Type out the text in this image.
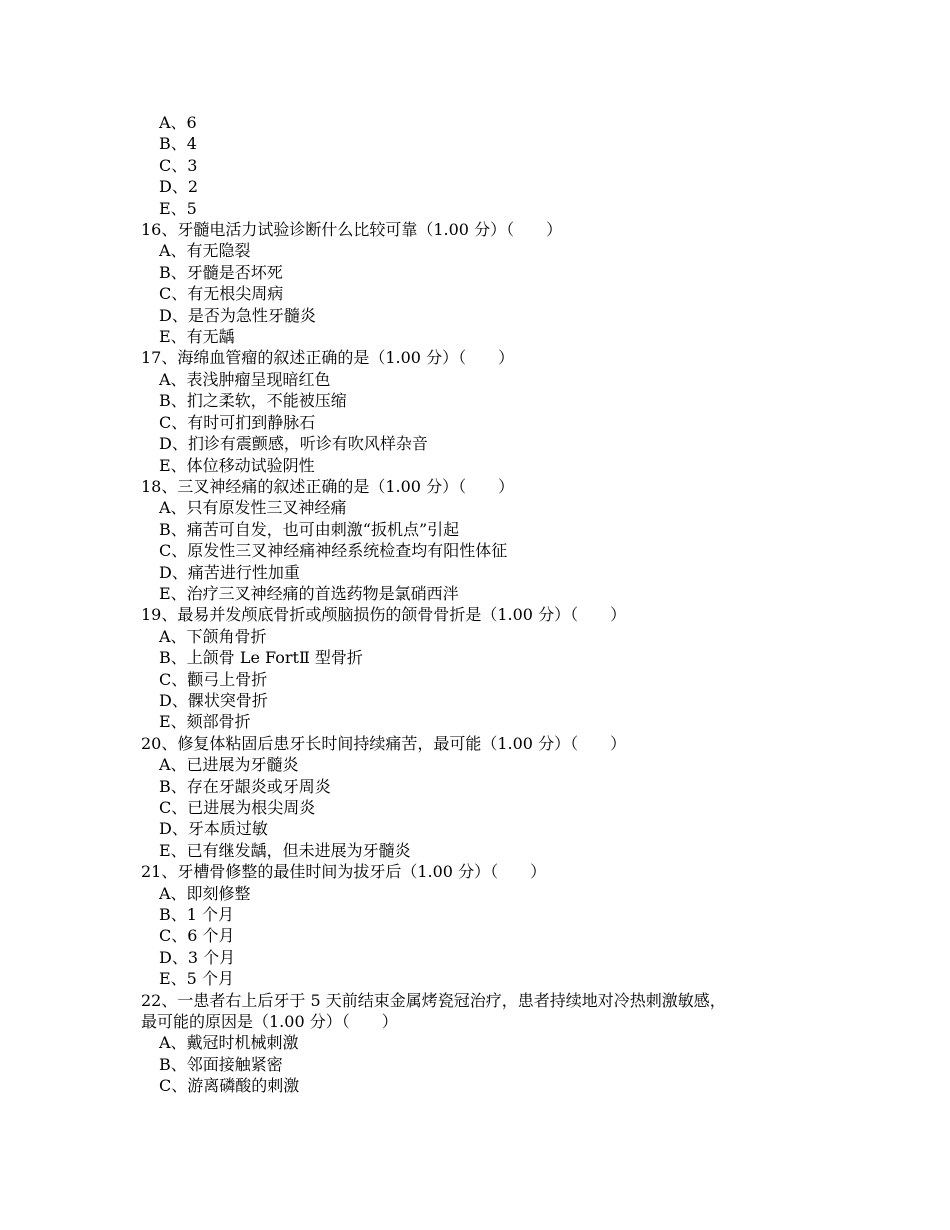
A、6
B、4
C、3
D、2
E、5
16、牙髓电活力试验诊断什么比较可靠（1.00 分）（　　）
A、有无隐裂
B、牙髓是否坏死
C、有无根尖周病
D、是否为急性牙髓炎
E、有无龋
17、海绵血管瘤的叙述正确的是（1.00 分）（　　）
A、表浅肿瘤呈现暗红色
B、扪之柔软，不能被压缩
C、有时可扪到静脉石
D、扪诊有震颤感，听诊有吹风样杂音
E、体位移动试验阴性
18、三叉神经痛的叙述正确的是（1.00 分）（　　）
A、只有原发性三叉神经痛
B、痛苦可自发，也可由刺激“扳机点”引起
C、原发性三叉神经痛神经系统检查均有阳性体征
D、痛苦进行性加重
E、治疗三叉神经痛的首选药物是氯硝西泮
19、最易并发颅底骨折或颅脑损伤的颌骨骨折是（1.00 分）（　　）
A、下颌角骨折
B、上颌骨 Le FortⅡ 型骨折
C、颧弓上骨折
D、髁状突骨折
E、颏部骨折
20、修复体粘固后患牙长时间持续痛苦，最可能（1.00 分）（　　）
A、已进展为牙髓炎
B、存在牙龈炎或牙周炎
C、已进展为根尖周炎
D、牙本质过敏
E、已有继发龋，但未进展为牙髓炎
21、牙槽骨修整的最佳时间为拔牙后（1.00 分）（　　）
A、即刻修整
B、1 个月
C、6 个月
D、3 个月
E、5 个月
22、一患者右上后牙于 5 天前结束金属烤瓷冠治疗，患者持续地对冷热刺激敏感，
最可能的原因是（1.00 分）（　　）
A、戴冠时机械刺激
B、邻面接触紧密
C、游离磷酸的刺激
